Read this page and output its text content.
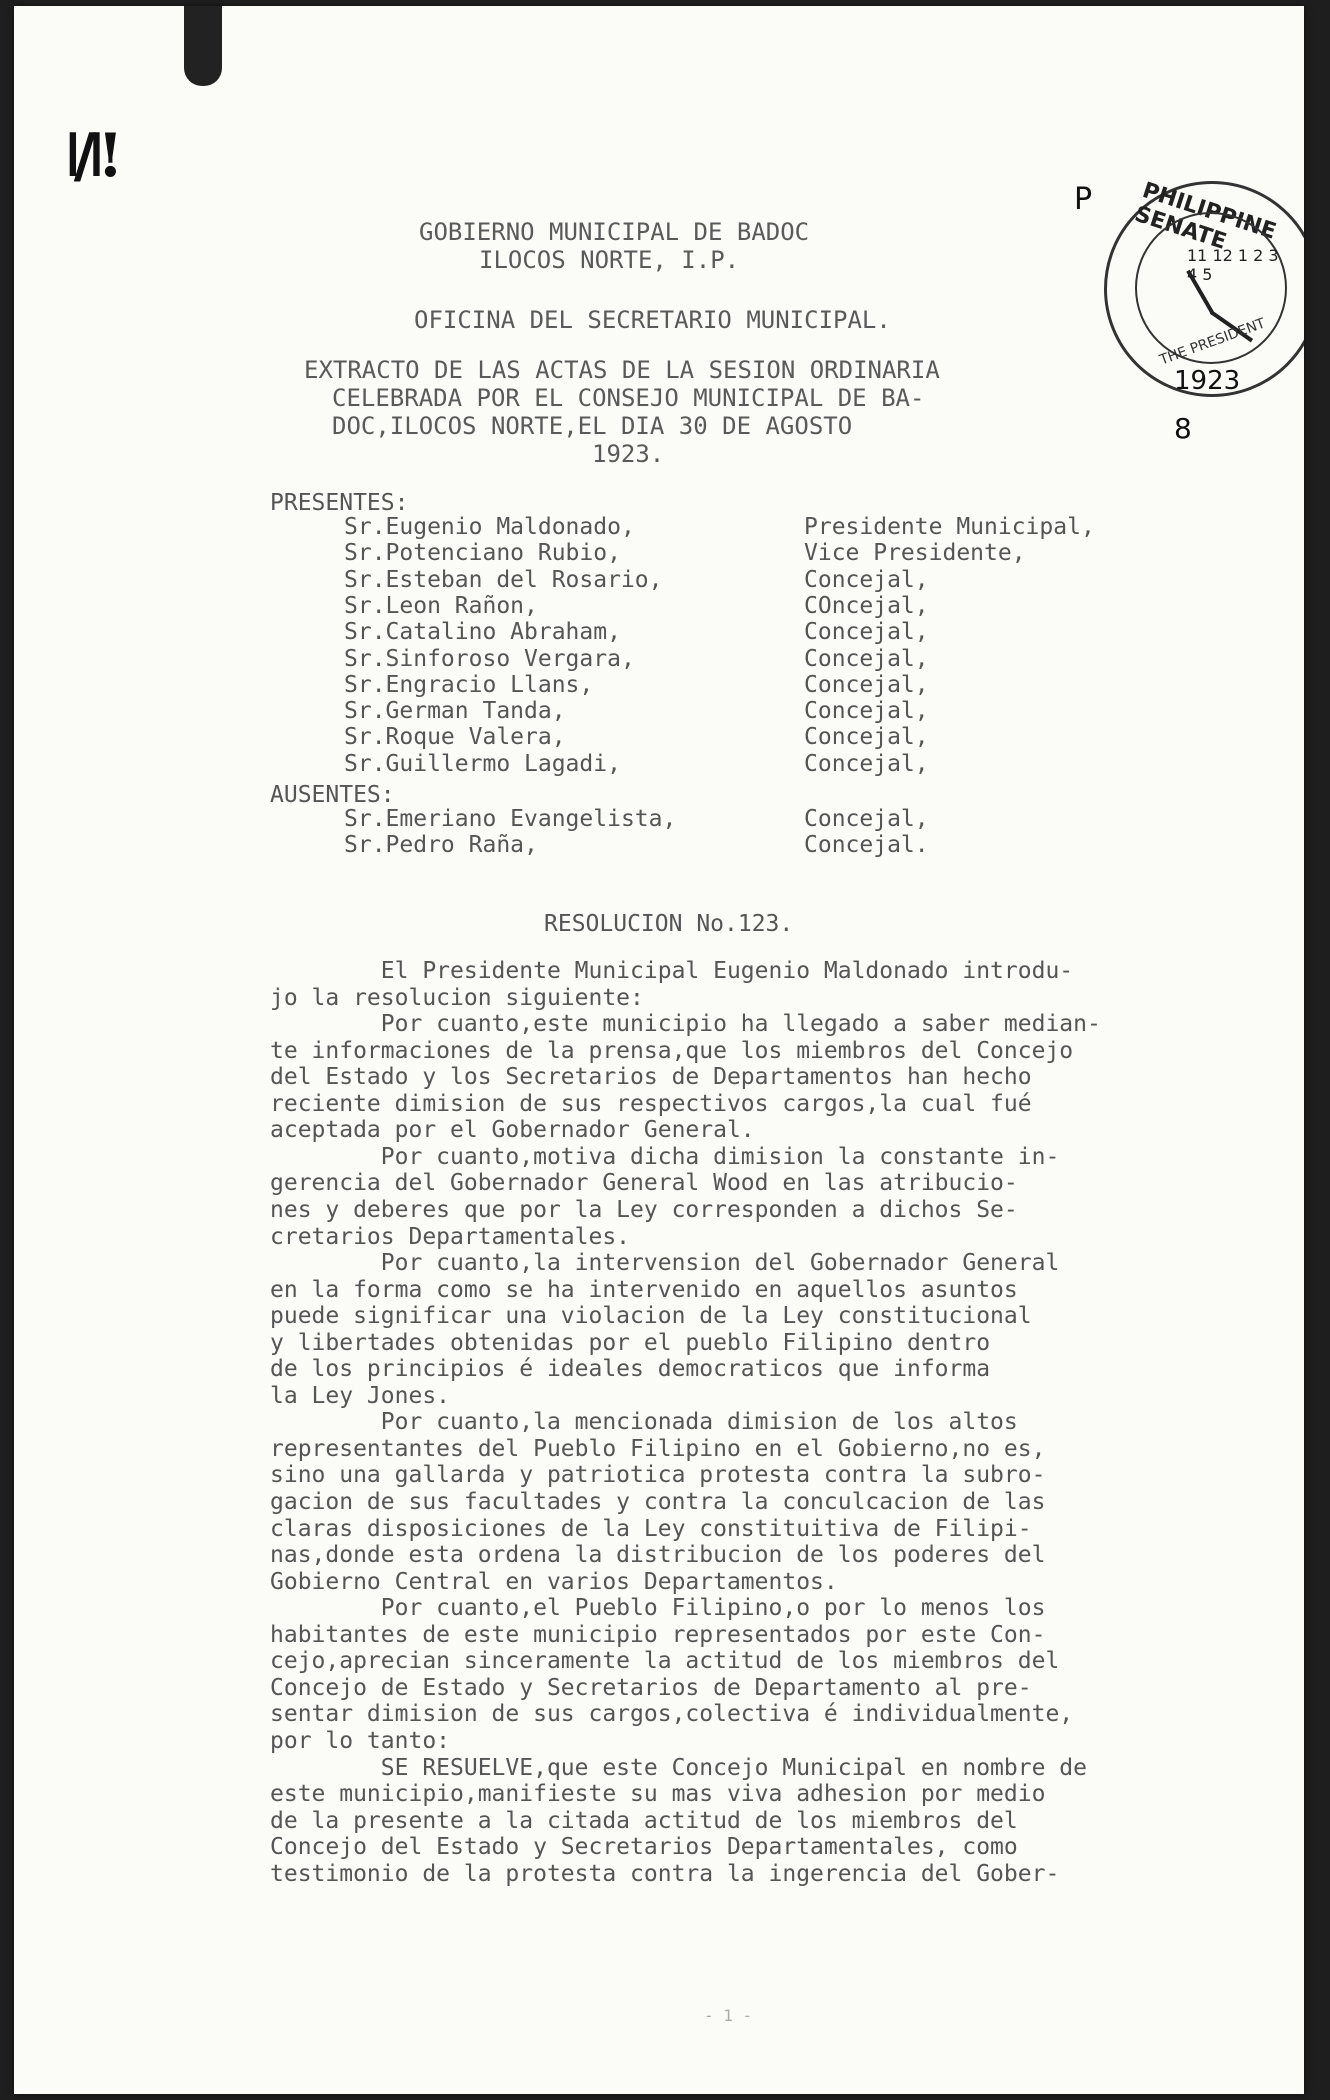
ǀ/ǀ!
P	PHILIPPINE SENATE
11 12 1 2 3 4 5
THE PRESIDENT
1923
8
GOBIERNO MUNICIPAL DE BADOC
ILOCOS NORTE, I.P.
OFICINA DEL SECRETARIO MUNICIPAL.
EXTRACTO DE LAS ACTAS DE LA SESION ORDINARIA
CELEBRADA POR EL CONSEJO MUNICIPAL DE BA-
DOC,ILOCOS NORTE,EL DIA 30 DE AGOSTO
1923.
PRESENTES:
Sr.Eugenio Maldonado,	Presidente Municipal,
Sr.Potenciano Rubio,	Vice Presidente,
Sr.Esteban del Rosario,	Concejal,
Sr.Leon Rañon,	COncejal,
Sr.Catalino Abraham,	Concejal,
Sr.Sinforoso Vergara,	Concejal,
Sr.Engracio Llans,	Concejal,
Sr.German Tanda,	Concejal,
Sr.Roque Valera,	Concejal,
Sr.Guillermo Lagadi,	Concejal,
AUSENTES:
Sr.Emeriano Evangelista,	Concejal,
Sr.Pedro Raña,	Concejal.
RESOLUCION No.123.
El Presidente Municipal Eugenio Maldonado introdu-
jo la resolucion siguiente:
Por cuanto,este municipio ha llegado a saber median-
te informaciones de la prensa,que los miembros del Concejo
del Estado y los Secretarios de Departamentos han hecho
reciente dimision de sus respectivos cargos,la cual fué
aceptada por el Gobernador General.
Por cuanto,motiva dicha dimision la constante in-
gerencia del Gobernador General Wood en las atribucio-
nes y deberes que por la Ley corresponden a dichos Se-
cretarios Departamentales.
Por cuanto,la intervension del Gobernador General
en la forma como se ha intervenido en aquellos asuntos
puede significar una violacion de la Ley constitucional
y libertades obtenidas por el pueblo Filipino dentro
de los principios é ideales democraticos que informa
la Ley Jones.
Por cuanto,la mencionada dimision de los altos
representantes del Pueblo Filipino en el Gobierno,no es,
sino una gallarda y patriotica protesta contra la subro-
gacion de sus facultades y contra la conculcacion de las
claras disposiciones de la Ley constituitiva de Filipi-
nas,donde esta ordena la distribucion de los poderes del
Gobierno Central en varios Departamentos.
Por cuanto,el Pueblo Filipino,o por lo menos los
habitantes de este municipio representados por este Con-
cejo,aprecian sinceramente la actitud de los miembros del
Concejo de Estado y Secretarios de Departamento al pre-
sentar dimision de sus cargos,colectiva é individualmente,
por lo tanto:
SE RESUELVE,que este Concejo Municipal en nombre de
este municipio,manifieste su mas viva adhesion por medio
de la presente a la citada actitud de los miembros del
Concejo del Estado y Secretarios Departamentales, como
testimonio de la protesta contra la ingerencia del Gober-
- 1 -
